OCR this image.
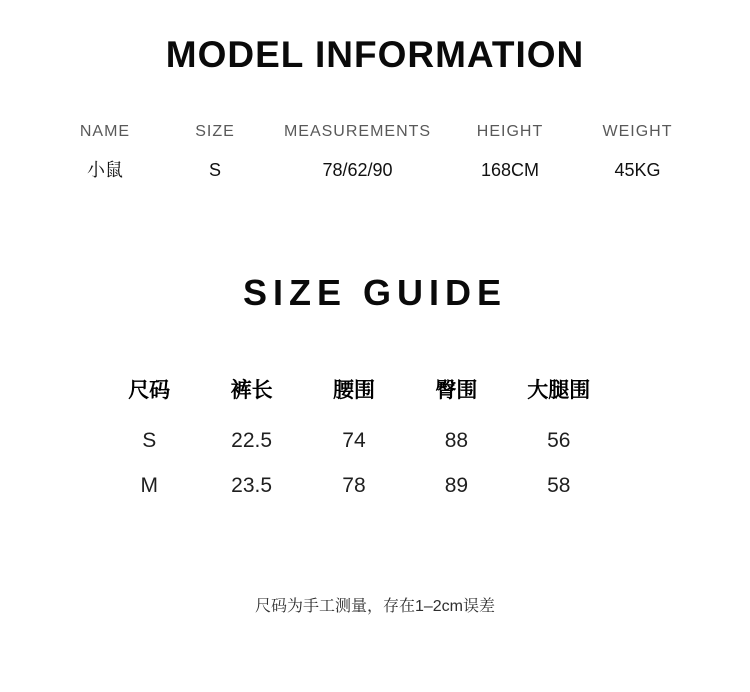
MODEL INFORMATION
NAME	SIZE	MEASUREMENTS	HEIGHT	WEIGHT
小鼠	S	78/62/90	168CM	45KG
SIZE GUIDE
尺码	裤长	腰围	臀围	大腿围
S	22.5	74	88	56
M	23.5	78	89	58
尺码为手工测量，存在1–2cm误差
